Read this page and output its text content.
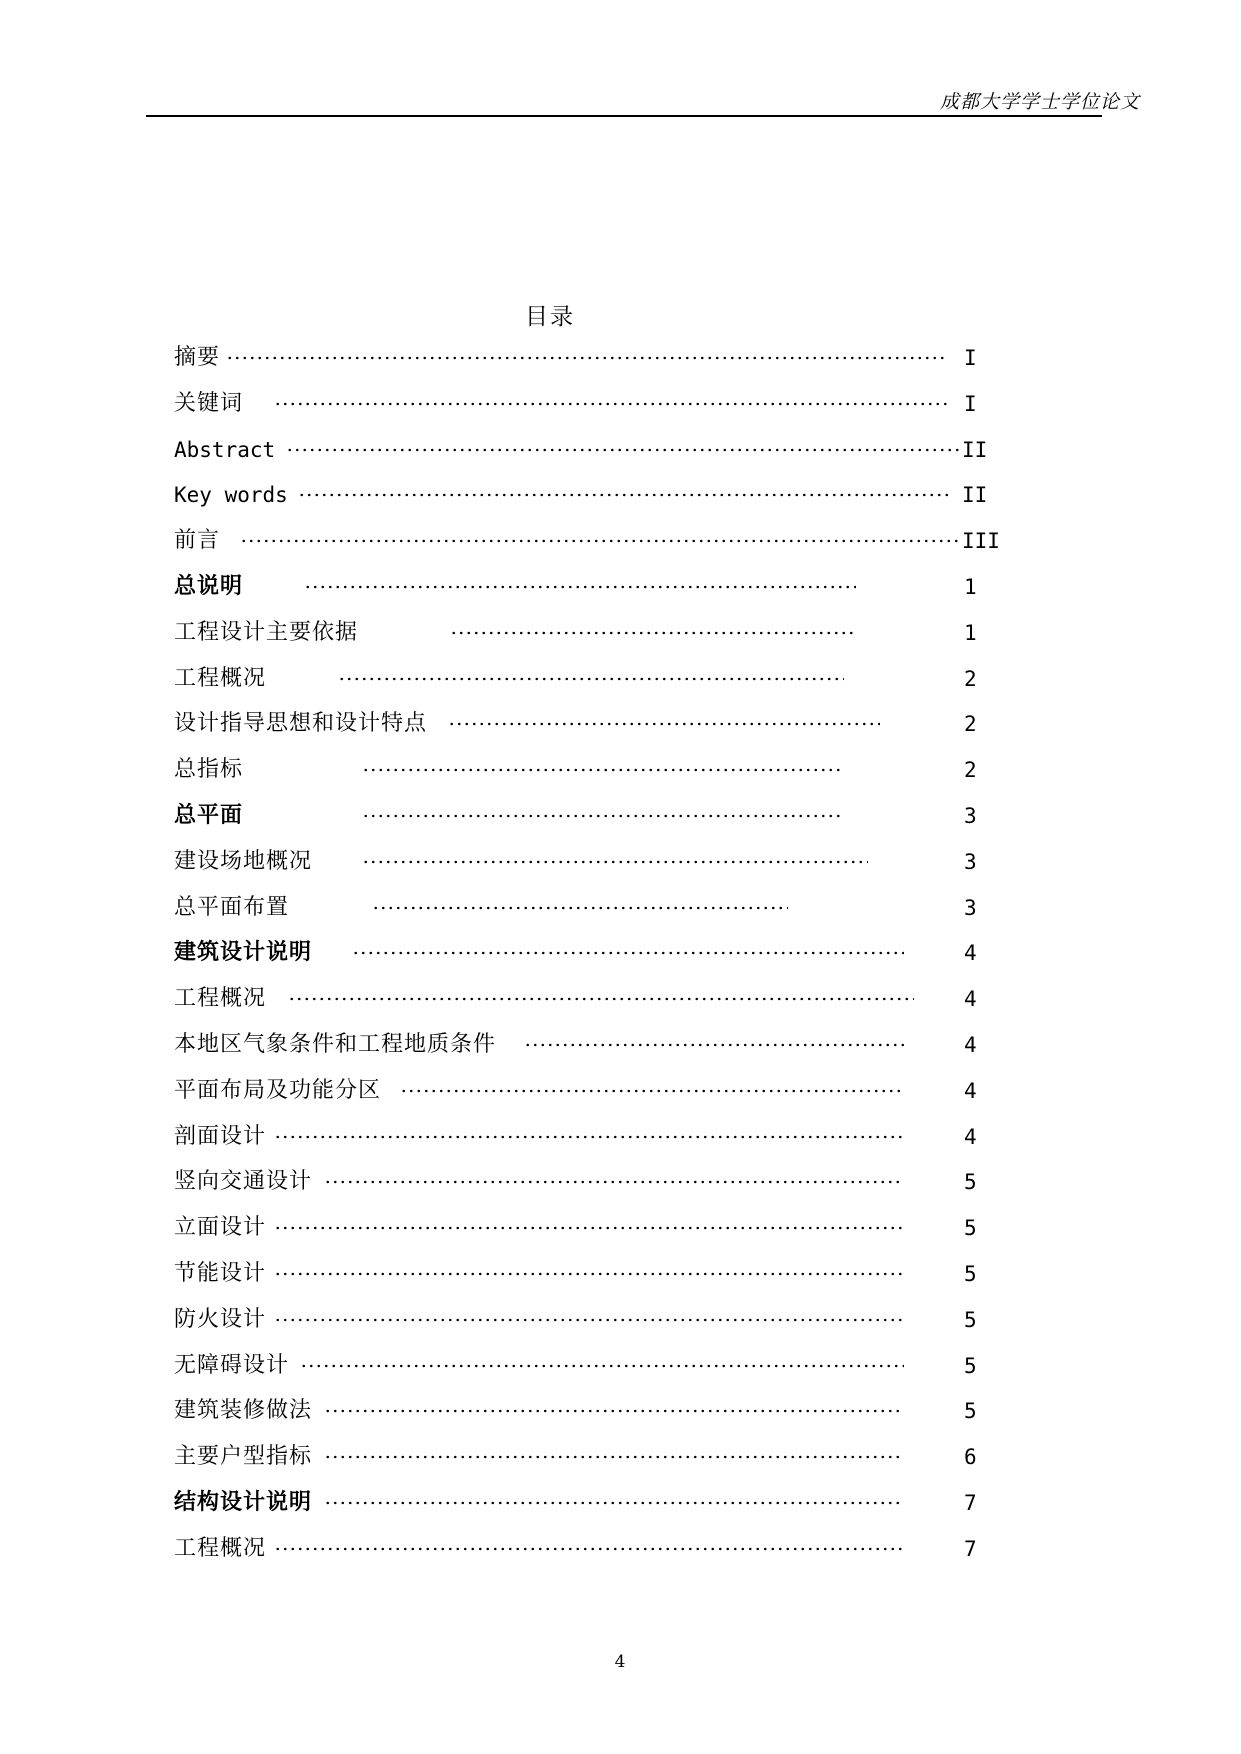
成都大学学士学位论文
目录
摘要	I
关键词	I
Abstract	II
Key words	II
前言	III
总说明	1
工程设计主要依据	1
工程概况	2
设计指导思想和设计特点	2
总指标	2
总平面	3
建设场地概况	3
总平面布置	3
建筑设计说明	4
工程概况	4
本地区气象条件和工程地质条件	4
平面布局及功能分区	4
剖面设计	4
竖向交通设计	5
立面设计	5
节能设计	5
防火设计	5
无障碍设计	5
建筑装修做法	5
主要户型指标	6
结构设计说明	7
工程概况	7
4
